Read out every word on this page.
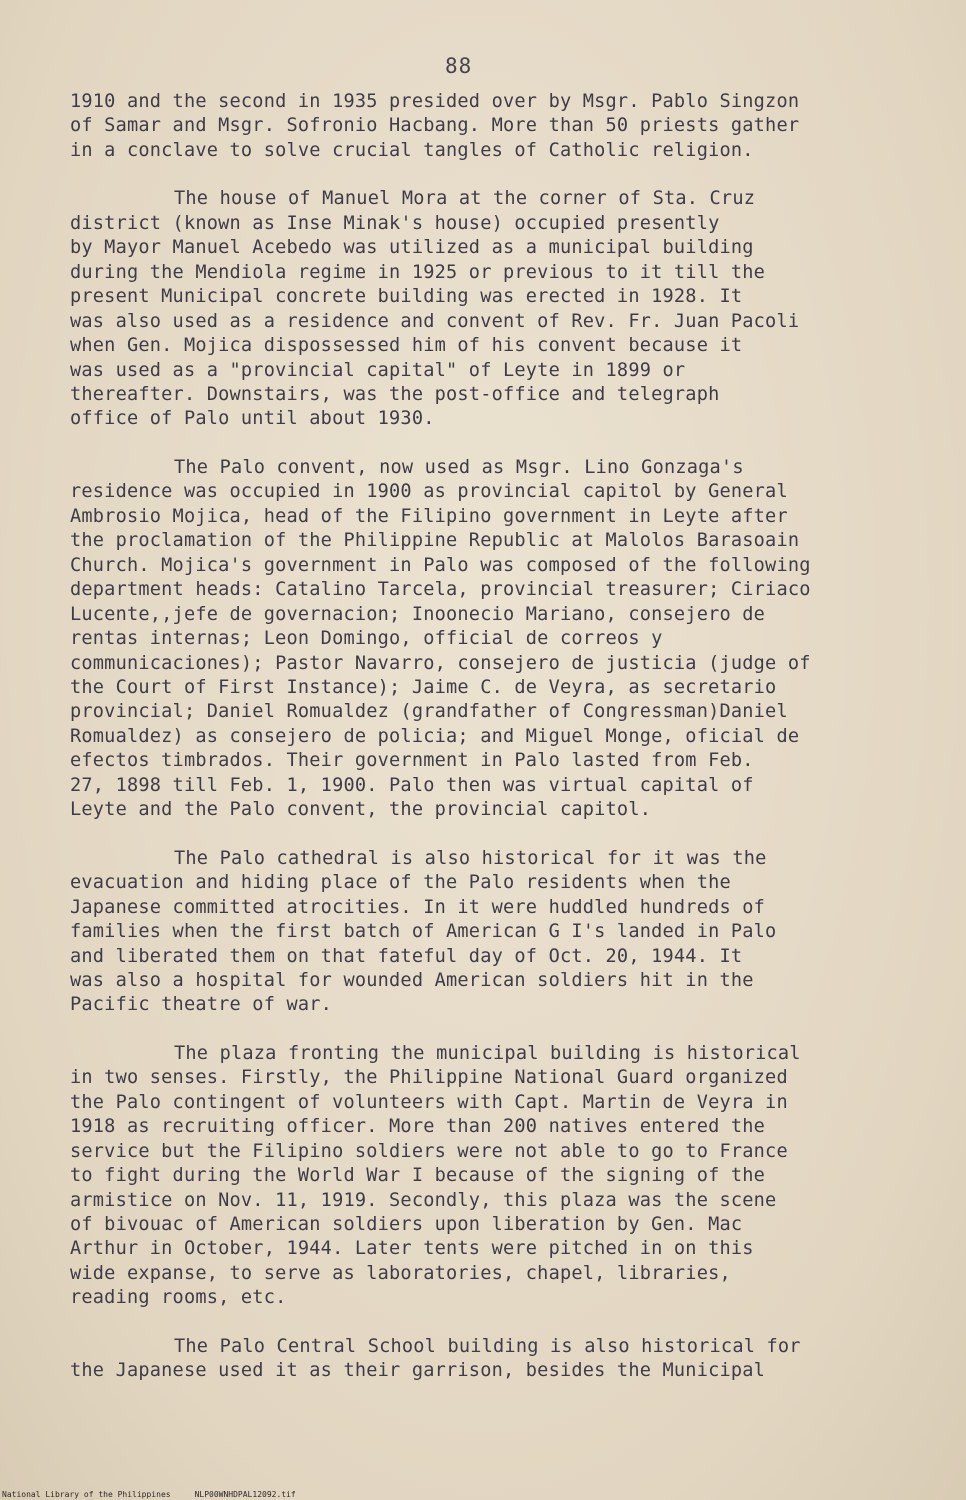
88
1910 and the second in 1935 presided over by Msgr. Pablo Singzon
of Samar and Msgr. Sofronio Hacbang. More than 50 priests gather
in a conclave to solve crucial tangles of Catholic religion.
The house of Manuel Mora at the corner of Sta. Cruz
district (known as Inse Minak's house) occupied presently
by Mayor Manuel Acebedo was utilized as a municipal building
during the Mendiola regime in 1925 or previous to it till the
present Municipal concrete building was erected in 1928. It
was also used as a residence and convent of Rev. Fr. Juan Pacoli
when Gen. Mojica dispossessed him of his convent because it
was used as a "provincial capital" of Leyte in 1899 or
thereafter. Downstairs, was the post-office and telegraph
office of Palo until about 1930.
The Palo convent, now used as Msgr. Lino Gonzaga's
residence was occupied in 1900 as provincial capitol by General
Ambrosio Mojica, head of the Filipino government in Leyte after
the proclamation of the Philippine Republic at Malolos Barasoain
Church. Mojica's government in Palo was composed of the following
department heads: Catalino Tarcela, provincial treasurer; Ciriaco
Lucente,,jefe de governacion; Inoonecio Mariano, consejero de
rentas internas; Leon Domingo, official de correos y
communicaciones); Pastor Navarro, consejero de justicia (judge of
the Court of First Instance); Jaime C. de Veyra, as secretario
provincial; Daniel Romualdez (grandfather of Congressman)Daniel
Romualdez) as consejero de policia; and Miguel Monge, oficial de
efectos timbrados. Their government in Palo lasted from Feb.
27, 1898 till Feb. 1, 1900. Palo then was virtual capital of
Leyte and the Palo convent, the provincial capitol.
The Palo cathedral is also historical for it was the
evacuation and hiding place of the Palo residents when the
Japanese committed atrocities. In it were huddled hundreds of
families when the first batch of American G I's landed in Palo
and liberated them on that fateful day of Oct. 20, 1944. It
was also a hospital for wounded American soldiers hit in the
Pacific theatre of war.
The plaza fronting the municipal building is historical
in two senses. Firstly, the Philippine National Guard organized
the Palo contingent of volunteers with Capt. Martin de Veyra in
1918 as recruiting officer. More than 200 natives entered the
service but the Filipino soldiers were not able to go to France
to fight during the World War I because of the signing of the
armistice on Nov. 11, 1919. Secondly, this plaza was the scene
of bivouac of American soldiers upon liberation by Gen. Mac
Arthur in October, 1944. Later tents were pitched in on this
wide expanse, to serve as laboratories, chapel, libraries,
reading rooms, etc.
The Palo Central School building is also historical for
the Japanese used it as their garrison, besides the Municipal
National Library of the Philippines	NLP00WNHDPAL12092.tif
